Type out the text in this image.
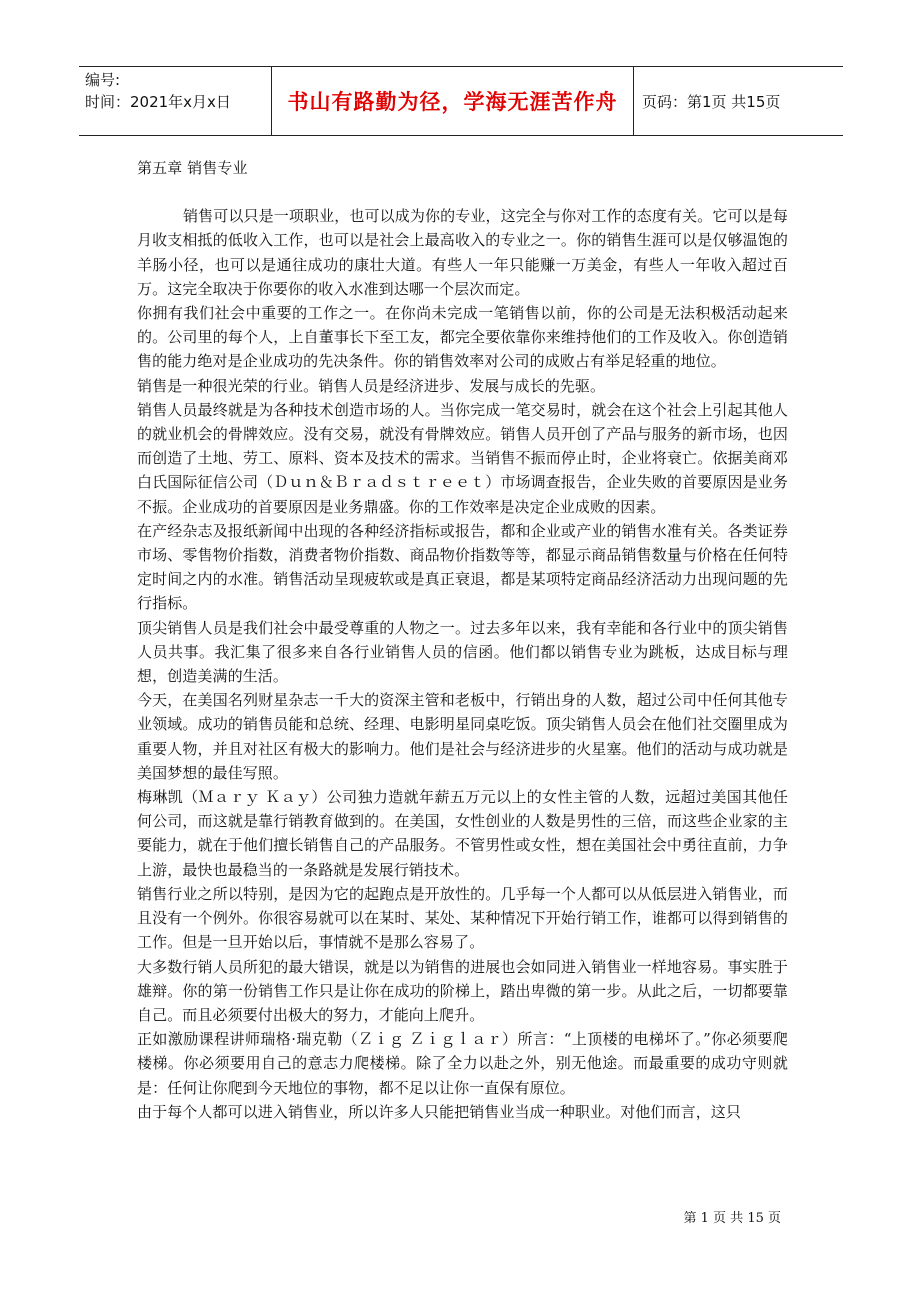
编号:
时间：2021年x月x日	书山有路勤为径，学海无涯苦作舟	页码：第1页 共15页

第五章 销售专业

销售可以只是一项职业，也可以成为你的专业，这完全与你对工作的态度有关。它可以是每月收支相抵的低收入工作，也可以是社会上最高收入的专业之一。你的销售生涯可以是仅够温饱的羊肠小径，也可以是通往成功的康壮大道。有些人一年只能赚一万美金，有些人一年收入超过百万。这完全取决于你要你的收入水准到达哪一个层次而定。

你拥有我们社会中重要的工作之一。在你尚未完成一笔销售以前，你的公司是无法积极活动起来的。公司里的每个人，上自董事长下至工友，都完全要依靠你来维持他们的工作及收入。你创造销售的能力绝对是企业成功的先决条件。你的销售效率对公司的成败占有举足轻重的地位。

销售是一种很光荣的行业。销售人员是经济进步、发展与成长的先驱。

销售人员最终就是为各种技术创造市场的人。当你完成一笔交易时，就会在这个社会上引起其他人的就业机会的骨牌效应。没有交易，就没有骨牌效应。销售人员开创了产品与服务的新市场，也因而创造了土地、劳工、原料、资本及技术的需求。当销售不振而停止时，企业将衰亡。依据美商邓白氏国际征信公司（Ｄｕｎ＆Ｂｒａｄｓｔｒｅｅｔ）市场调查报告，企业失败的首要原因是业务不振。企业成功的首要原因是业务鼎盛。你的工作效率是决定企业成败的因素。

在产经杂志及报纸新闻中出现的各种经济指标或报告，都和企业或产业的销售水准有关。各类证券市场、零售物价指数，消费者物价指数、商品物价指数等等，都显示商品销售数量与价格在任何特定时间之内的水准。销售活动呈现疲软或是真正衰退，都是某项特定商品经济活动力出现问题的先行指标。

顶尖销售人员是我们社会中最受尊重的人物之一。过去多年以来，我有幸能和各行业中的顶尖销售人员共事。我汇集了很多来自各行业销售人员的信函。他们都以销售专业为跳板，达成目标与理想，创造美满的生活。

今天，在美国名列财星杂志一千大的资深主管和老板中，行销出身的人数，超过公司中任何其他专业领域。成功的销售员能和总统、经理、电影明星同桌吃饭。顶尖销售人员会在他们社交圈里成为重要人物，并且对社区有极大的影响力。他们是社会与经济进步的火星塞。他们的活动与成功就是美国梦想的最佳写照。

梅琳凯（Ｍａｒｙ Ｋａｙ）公司独力造就年薪五万元以上的女性主管的人数，远超过美国其他任何公司，而这就是靠行销教育做到的。在美国，女性创业的人数是男性的三倍，而这些企业家的主要能力，就在于他们擅长销售自己的产品服务。不管男性或女性，想在美国社会中勇往直前，力争上游，最快也最稳当的一条路就是发展行销技术。

销售行业之所以特别，是因为它的起跑点是开放性的。几乎每一个人都可以从低层进入销售业，而且没有一个例外。你很容易就可以在某时、某处、某种情况下开始行销工作，谁都可以得到销售的工作。但是一旦开始以后，事情就不是那么容易了。

大多数行销人员所犯的最大错误，就是以为销售的进展也会如同进入销售业一样地容易。事实胜于雄辩。你的第一份销售工作只是让你在成功的阶梯上，踏出卑微的第一步。从此之后，一切都要靠自己。而且必须要付出极大的努力，才能向上爬升。

正如激励课程讲师瑞格·瑞克勒（Ｚｉｇ Ｚｉｇｌａｒ）所言：“上顶楼的电梯坏了。”你必须要爬楼梯。你必须要用自己的意志力爬楼梯。除了全力以赴之外，别无他途。而最重要的成功守则就是：任何让你爬到今天地位的事物，都不足以让你一直保有原位。

由于每个人都可以进入销售业，所以许多人只能把销售业当成一种职业。对他们而言，这只

第 1 页 共 15 页
